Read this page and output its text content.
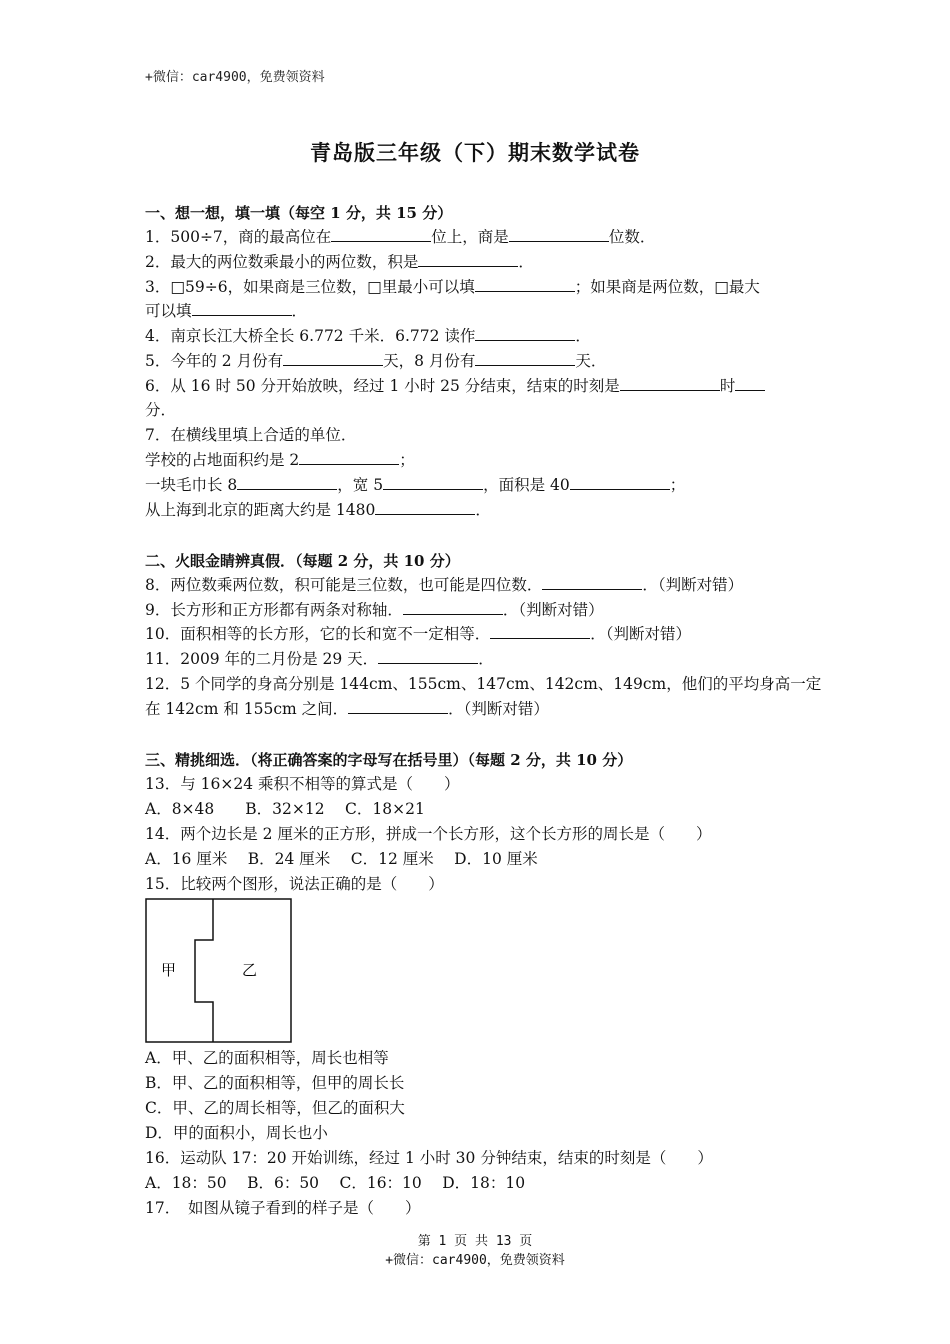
+微信：car4900，免费领资料
青岛版三年级（下）期末数学试卷
一、想一想，填一填（每空 1 分，共 15 分）
1．500÷7，商的最高位在	位上，商是	位数．
2．最大的两位数乘最小的两位数，积是	．
3．□59÷6，如果商是三位数，□里最小可以填	；如果商是两位数，□最大
可以填	．
4．南京长江大桥全长 6.772 千米．6.772 读作	．
5．今年的 2 月份有	天，8 月份有	天．
6．从 16 时 50 分开始放映，经过 1 小时 25 分结束，结束的时刻是	时
分．
7．在横线里填上合适的单位．
学校的占地面积约是 2	；
一块毛巾长 8	，宽 5	，面积是 40	；
从上海到北京的距离大约是 1480	．
二、火眼金睛辨真假．（每题 2 分，共 10 分）
8．两位数乘两位数，积可能是三位数，也可能是四位数．	．（判断对错）
9．长方形和正方形都有两条对称轴．	．（判断对错）
10．面积相等的长方形，它的长和宽不一定相等．	．（判断对错）
11．2009 年的二月份是 29 天．	．
12．5 个同学的身高分别是 144cm、155cm、147cm、142cm、149cm，他们的平均身高一定
在 142cm 和 155cm 之间．	．（判断对错）
三、精挑细选．（将正确答案的字母写在括号里）（每题 2 分，共 10 分）
13．与 16×24 乘积不相等的算式是（　　）
A．8×48　　B．32×12　 C．18×21
14．两个边长是 2 厘米的正方形，拼成一个长方形，这个长方形的周长是（　　）
A．16 厘米　 B．24 厘米　 C．12 厘米　 D．10 厘米
15．比较两个图形，说法正确的是（　　）
甲	乙
A．甲、乙的面积相等，周长也相等
B．甲、乙的面积相等，但甲的周长长
C．甲、乙的周长相等，但乙的面积大
D．甲的面积小，周长也小
16．运动队 17：20 开始训练，经过 1 小时 30 分钟结束，结束的时刻是（　　）
A．18：50　 B．6：50　 C．16：10　 D．18：10
17．　如图从镜子看到的样子是（　　）
第 1 页 共 13 页
+微信：car4900，免费领资料
